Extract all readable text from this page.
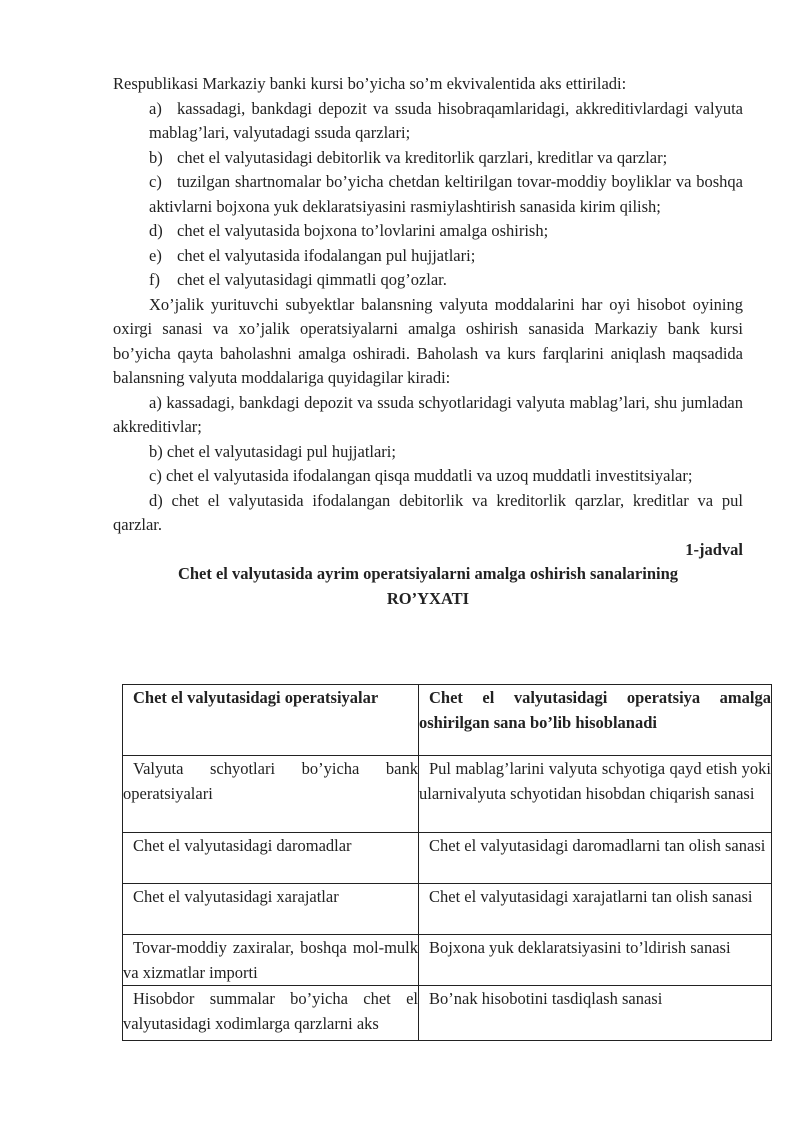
Respublikasi Markaziy banki kursi bo’yicha so’m ekvivalentida aks ettiriladi:

a) kassadagi, bankdagi depozit va ssuda hisobraqamlaridagi, akkreditivlardagi valyuta mablag’lari, valyutadagi ssuda qarzlari;

b) chet el valyutasidagi debitorlik va kreditorlik qarzlari, kreditlar va qarzlar;

c) tuzilgan shartnomalar bo’yicha chetdan keltirilgan tovar-moddiy boyliklar va boshqa aktivlarni bojxona yuk deklaratsiyasini rasmiylashtirish sanasida kirim qilish;

d) chet el valyutasida bojxona to’lovlarini amalga oshirish;

e) chet el valyutasida ifodalangan pul hujjatlari;

f) chet el valyutasidagi qimmatli qog’ozlar.

Xo’jalik yurituvchi subyektlar balansning valyuta moddalarini har oyi hisobot oyining oxirgi sanasi va xo’jalik operatsiyalarni amalga oshirish sanasida Markaziy bank kursi bo’yicha qayta baholashni amalga oshiradi. Baholash va kurs farqlarini aniqlash maqsadida balansning valyuta moddalariga quyidagilar kiradi:

a) kassadagi, bankdagi depozit va ssuda schyotlaridagi valyuta mablag’lari, shu jumladan akkreditivlar;

b) chet el valyutasidagi pul hujjatlari;

c) chet el valyutasida ifodalangan qisqa muddatli va uzoq muddatli investitsiyalar;

d) chet el valyutasida ifodalangan debitorlik va kreditorlik qarzlar, kreditlar va pul qarzlar.

1-jadval

Chet el valyutasida ayrim operatsiyalarni amalga oshirish sanalarining

RO’YXATI

Chet el valyutasidagi operatsiyalar	Chet el valyutasidagi operatsiya amalga oshirilgan sana bo’lib hisoblanadi

Valyuta schyotlari bo’yicha bank operatsiyalari	Pul mablag’larini valyuta schyotiga qayd etish yoki ularnivalyuta schyotidan hisobdan chiqarish sanasi

Chet el valyutasidagi daromadlar	Chet el valyutasidagi daromadlarni tan olish sanasi

Chet el valyutasidagi xarajatlar	Chet el valyutasidagi xarajatlarni tan olish sanasi

Tovar-moddiy zaxiralar, boshqa mol-mulk va xizmatlar importi	Bojxona yuk deklaratsiyasini to’ldirish sanasi

Hisobdor summalar bo’yicha chet el valyutasidagi xodimlarga qarzlarni aks	Bo’nak hisobotini tasdiqlash sanasi
